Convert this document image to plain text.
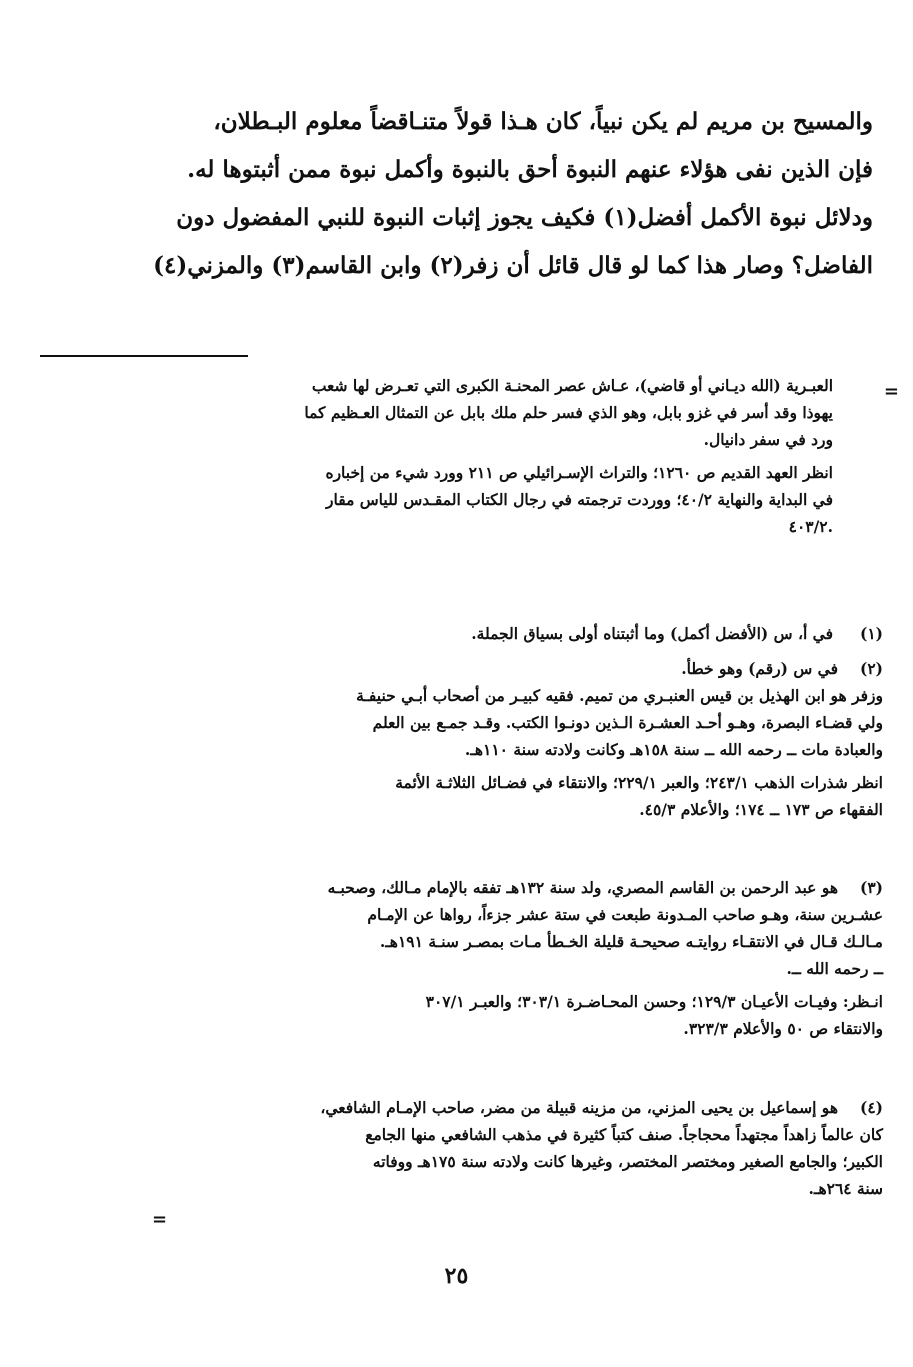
والمسيح بن مريم لم يكن نبياً، كان هـذا قولاً متنـاقضاً معلوم البـطلان،
فإن الذين نفى هؤلاء عنهم النبوة أحق بالنبوة وأكمل نبوة ممن أثبتوها له.
ودلائل نبوة الأكمل أفضل(١) فكيف يجوز إثبات النبوة للنبي المفضول دون
الفاضل؟ وصار هذا كما لو قال قائل أن زفر(٢) وابن القاسم(٣) والمزني(٤)
=
العبـرية (الله ديـاني أو قاضي)، عـاش عصر المحنـة الكبرى التي تعـرض لها شعب
يهوذا وقد أسر في غزو بابل، وهو الذي فسر حلم ملك بابل عن التمثال العـظيم كما
ورد في سفر دانيال.
انظر العهد القديم ص ١٢٦٠؛ والتراث الإسـرائيلي ص ٢١١ وورد شيء من إخباره
في البداية والنهاية ٤٠/٢؛ ووردت ترجمته في رجال الكتاب المقـدس للياس مقار
.٤٠٣/٢
(١)
في أ، س (الأفضل أكمل) وما أثبتناه أولى بسياق الجملة.
(٢)
في س (رقم) وهو خطأ.
وزفر هو ابن الهذيل بن قيس العنبـري من تميم. فقيه كبيـر من أصحاب أبـي حنيفـة
ولي قضـاء البصرة، وهـو أحـد العشـرة الـذين دونـوا الكتب. وقـد جمـع بين العلم
والعبادة مات ــ رحمه الله ــ سنة ١٥٨هـ وكانت ولادته سنة ١١٠هـ.
انظر شذرات الذهب ٢٤٣/١؛ والعبر ٢٢٩/١؛ والانتقاء في فضـائل الثلاثـة الأئمة
الفقهاء ص ١٧٣ ــ ١٧٤؛ والأعلام ٤٥/٣.
(٣)
هو عبد الرحمن بن القاسم المصري، ولد سنة ١٣٢هـ تفقه بالإمام مـالك، وصحبـه
عشـرين سنة، وهـو صاحب المـدونة طبعت في ستة عشر جزءاً، رواها عن الإمـام
مـالـك قـال في الانتقـاء روايتـه صحيحـة قليلة الخـطأ مـات بمصـر سنـة ١٩١هـ.
ــ رحمه الله ــ.
انـظر: وفيـات الأعيـان ١٢٩/٣؛ وحسن المحـاضـرة ٣٠٣/١؛ والعبـر ٣٠٧/١
والانتقاء ص ٥٠ والأعلام ٣٢٣/٣.
(٤)
هو إسماعيل بن يحيى المزني، من مزينه قبيلة من مضر، صاحب الإمـام الشافعي،
كان عالماً زاهداً مجتهداً محجاجاً. صنف كتباً كثيرة في مذهب الشافعي منها الجامع
الكبير؛ والجامع الصغير ومختصر المختصر، وغيرها كانت ولادته سنة ١٧٥هـ ووفاته
سنة ٢٦٤هـ.
=
٢٥
